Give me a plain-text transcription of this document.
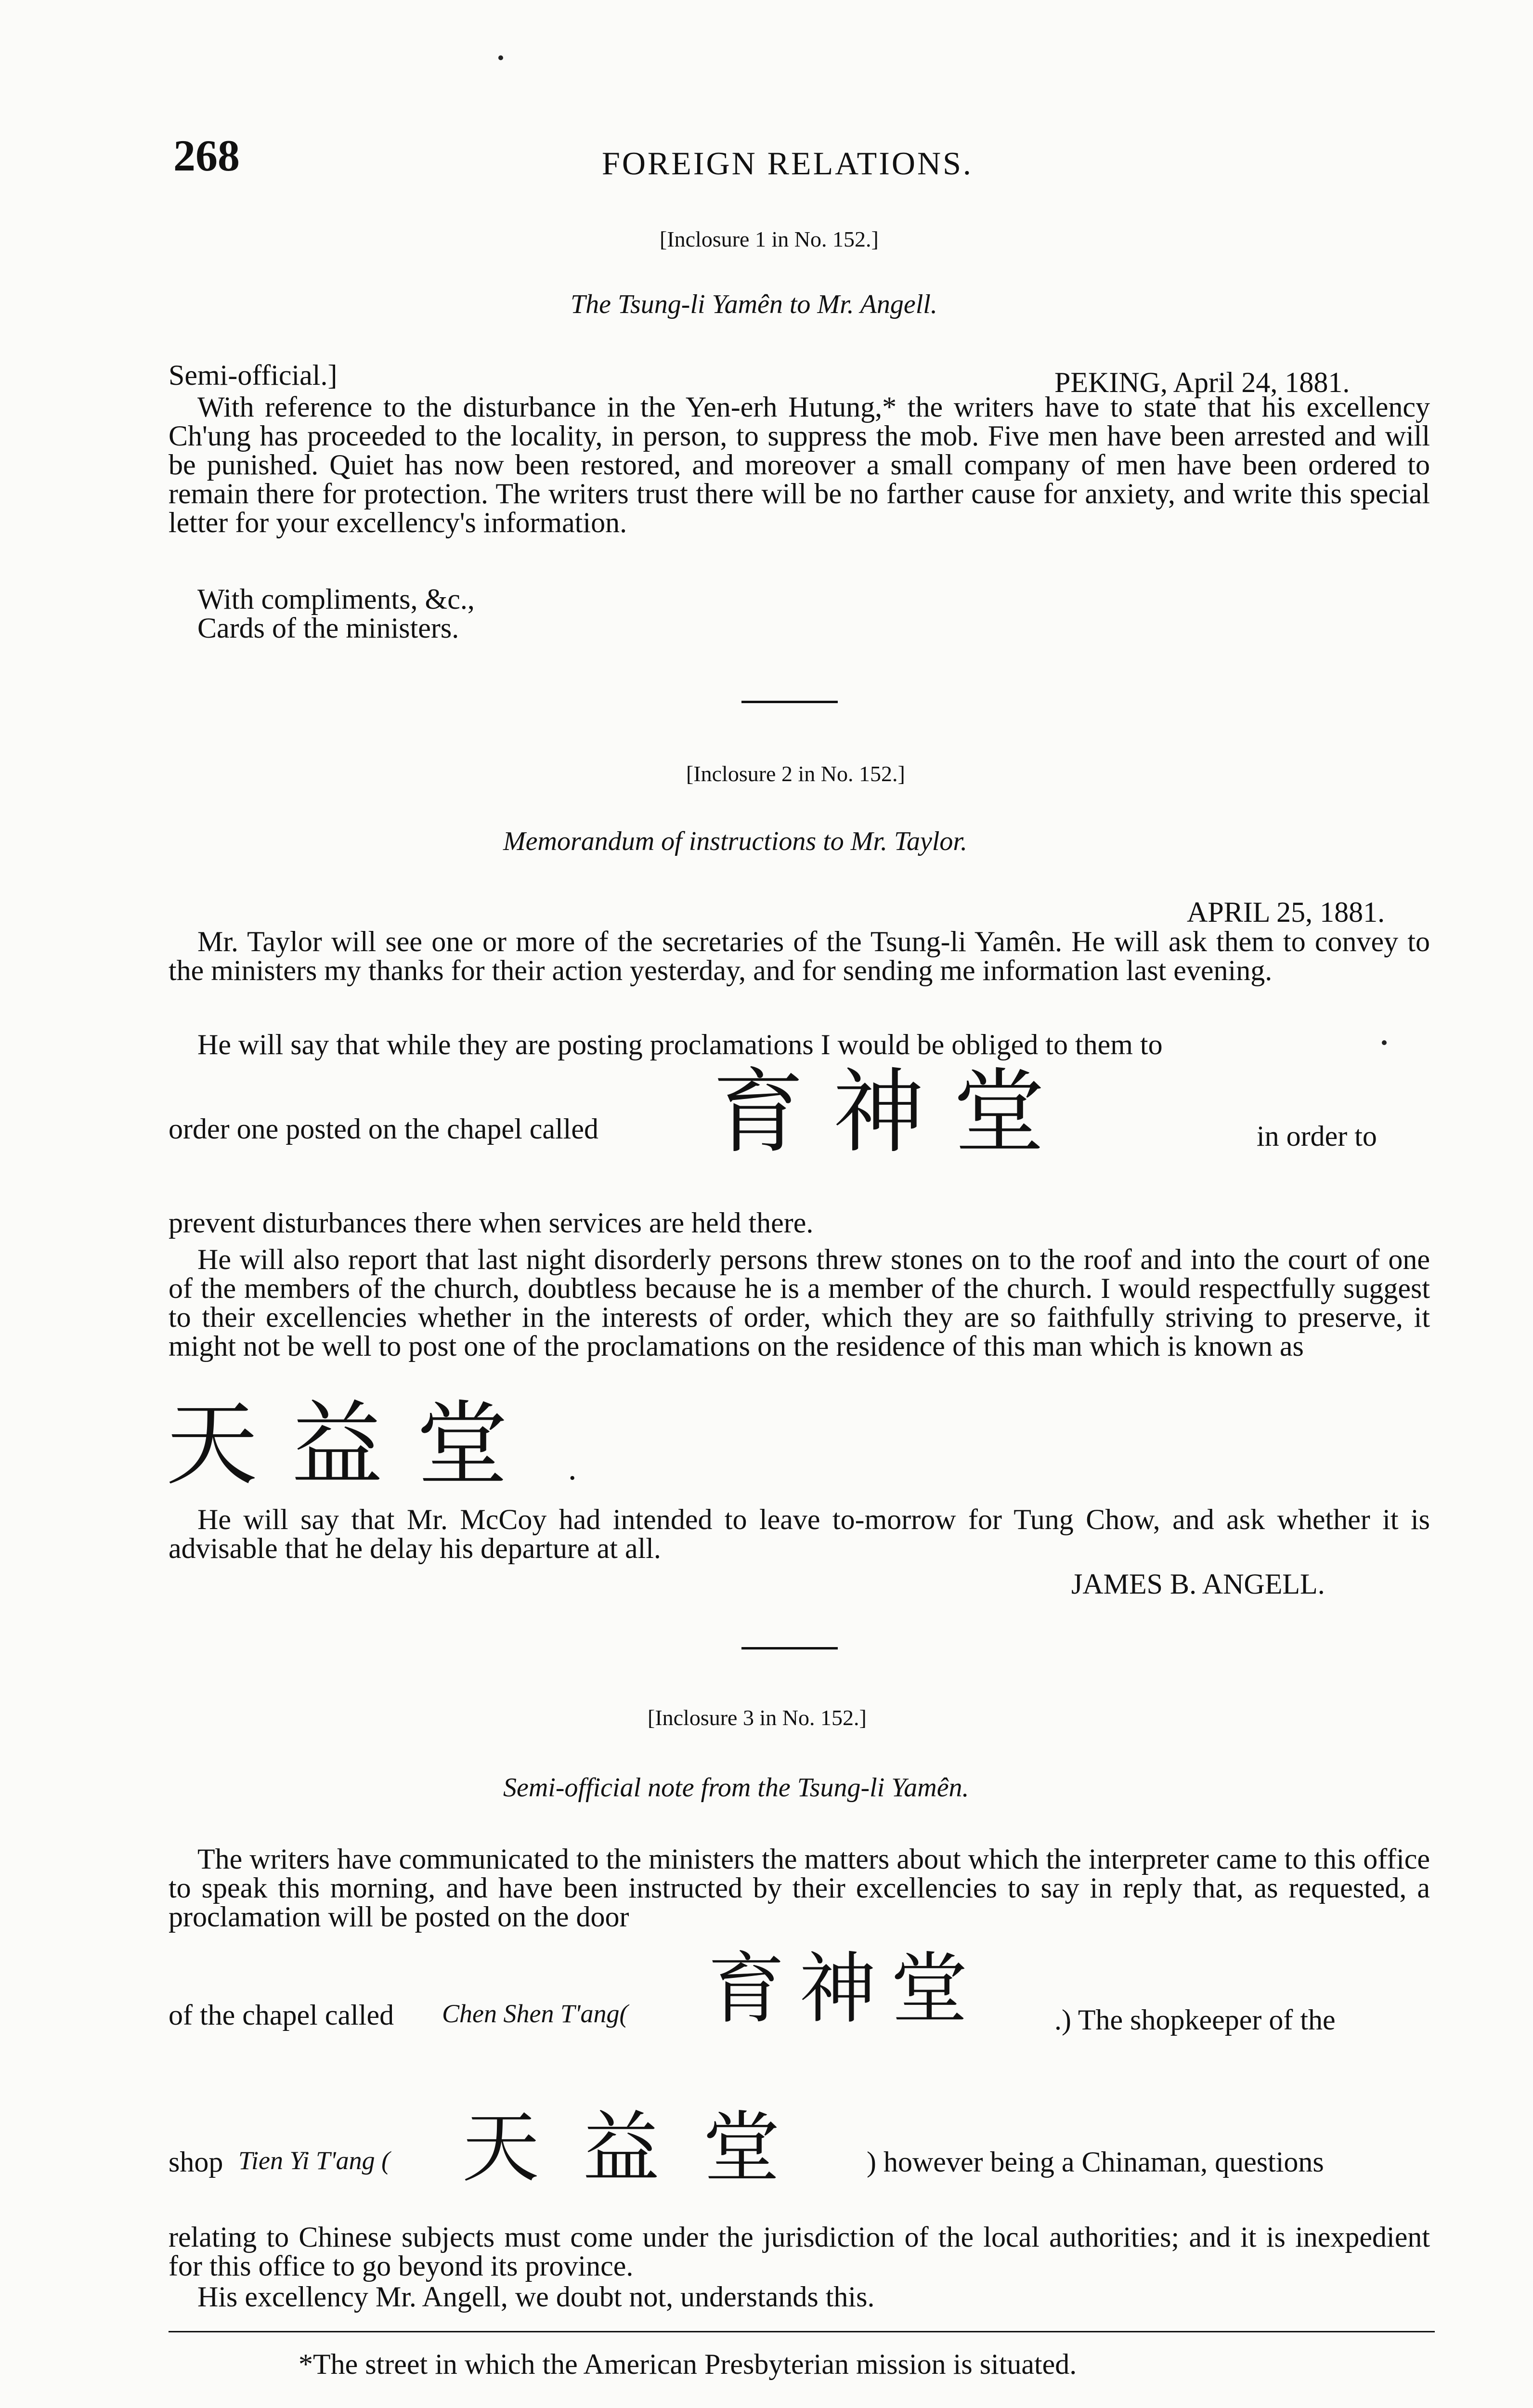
268	FOREIGN RELATIONS.
[Inclosure 1 in No. 152.]
The Tsung-li Yamên to Mr. Angell.
Semi-official.]	PEKING, April 24, 1881.
With reference to the disturbance in the Yen-erh Hutung,* the writers have to state that his excellency Ch'ung has proceeded to the locality, in person, to suppress the mob. Five men have been arrested and will be punished. Quiet has now been restored, and moreover a small company of men have been ordered to remain there for protection. The writers trust there will be no farther cause for anxiety, and write this special letter for your excellency's information.
With compliments, &c.,
Cards of the ministers.
[Inclosure 2 in No. 152.]
Memorandum of instructions to Mr. Taylor.
APRIL 25, 1881.
Mr. Taylor will see one or more of the secretaries of the Tsung-li Yamên. He will ask them to convey to the ministers my thanks for their action yesterday, and for sending me information last evening.
He will say that while they are posting proclamations I would be obliged to them to
order one posted on the chapel called 育神堂	in order to
prevent disturbances there when services are held there.
He will also report that last night disorderly persons threw stones on to the roof and into the court of one of the members of the church, doubtless because he is a member of the church. I would respectfully suggest to their excellencies whether in the interests of order, which they are so faithfully striving to preserve, it might not be well to post one of the proclamations on the residence of this man which is known as
天益堂 .
He will say that Mr. McCoy had intended to leave to-morrow for Tung Chow, and ask whether it is advisable that he delay his departure at all.
JAMES B. ANGELL.
[Inclosure 3 in No. 152.]
Semi-official note from the Tsung-li Yamên.
The writers have communicated to the ministers the matters about which the interpreter came to this office to speak this morning, and have been instructed by their excellencies to say in reply that, as requested, a proclamation will be posted on the door
of the chapel called Chen Shen T'ang( 育神堂 .) The shopkeeper of the
shop Tien Yi T'ang ( 天益堂 ) however being a Chinaman, questions
relating to Chinese subjects must come under the jurisdiction of the local authorities; and it is inexpedient for this office to go beyond its province.
His excellency Mr. Angell, we doubt not, understands this.
*The street in which the American Presbyterian mission is situated.
